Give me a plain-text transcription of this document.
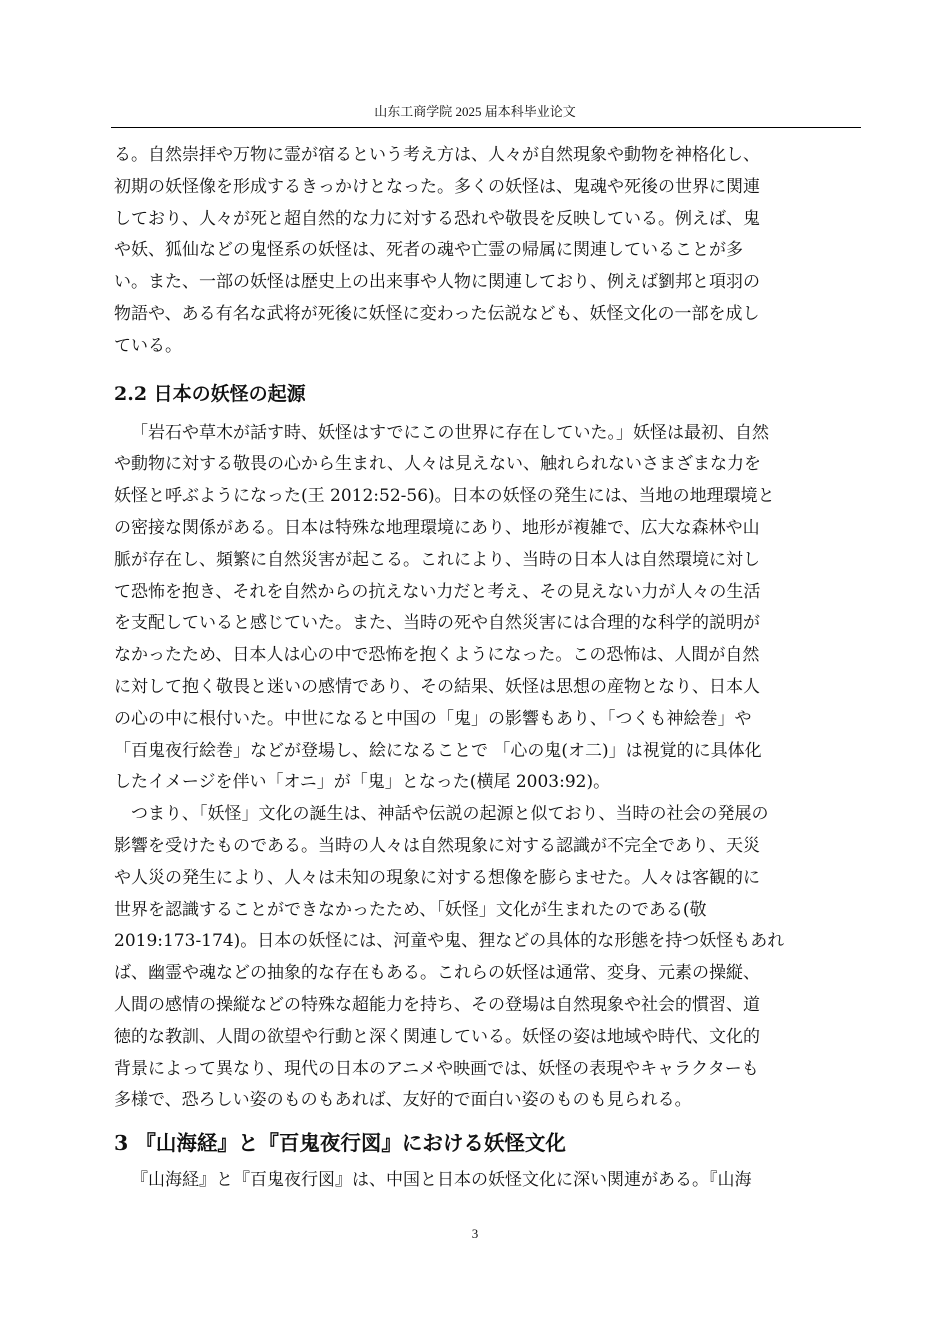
山东工商学院 2025 届本科毕业论文
る。自然崇拝や万物に霊が宿るという考え方は、人々が自然現象や動物を神格化し、
初期の妖怪像を形成するきっかけとなった。多くの妖怪は、鬼魂や死後の世界に関連
しており、人々が死と超自然的な力に対する恐れや敬畏を反映している。例えば、鬼
や妖、狐仙などの鬼怪系の妖怪は、死者の魂や亡霊の帰属に関連していることが多
い。また、一部の妖怪は歴史上の出来事や人物に関連しており、例えば劉邦と項羽の
物語や、ある有名な武将が死後に妖怪に変わった伝説なども、妖怪文化の一部を成し
ている。
2.2 日本の妖怪の起源
「岩石や草木が話す時、妖怪はすでにこの世界に存在していた。」妖怪は最初、自然
や動物に対する敬畏の心から生まれ、人々は見えない、触れられないさまざまな力を
妖怪と呼ぶようになった(王 2012:52-56)。日本の妖怪の発生には、当地の地理環境と
の密接な関係がある。日本は特殊な地理環境にあり、地形が複雑で、広大な森林や山
脈が存在し、頻繁に自然災害が起こる。これにより、当時の日本人は自然環境に対し
て恐怖を抱き、それを自然からの抗えない力だと考え、その見えない力が人々の生活
を支配していると感じていた。また、当時の死や自然災害には合理的な科学的説明が
なかったため、日本人は心の中で恐怖を抱くようになった。この恐怖は、人間が自然
に対して抱く敬畏と迷いの感情であり、その結果、妖怪は思想の産物となり、日本人
の心の中に根付いた。中世になると中国の「鬼」の影響もあり、「つくも神絵巻」や
「百鬼夜行絵巻」などが登場し、絵になることで 「心の鬼(オ二)」は視覚的に具体化
したイメージを伴い「オニ」が「鬼」となった(横尾 2003:92)。
つまり、「妖怪」文化の誕生は、神話や伝説の起源と似ており、当時の社会の発展の
影響を受けたものである。当時の人々は自然現象に対する認識が不完全であり、天災
や人災の発生により、人々は未知の現象に対する想像を膨らませた。人々は客観的に
世界を認識することができなかったため、「妖怪」文化が生まれたのである(敬
2019:173-174)。日本の妖怪には、河童や鬼、狸などの具体的な形態を持つ妖怪もあれ
ば、幽霊や魂などの抽象的な存在もある。これらの妖怪は通常、変身、元素の操縦、
人間の感情の操縦などの特殊な超能力を持ち、その登場は自然現象や社会的慣習、道
徳的な教訓、人間の欲望や行動と深く関連している。妖怪の姿は地域や時代、文化的
背景によって異なり、現代の日本のアニメや映画では、妖怪の表現やキャラクターも
多様で、恐ろしい姿のものもあれば、友好的で面白い姿のものも見られる。
3 『山海経』と『百鬼夜行図』における妖怪文化
『山海経』と『百鬼夜行図』は、中国と日本の妖怪文化に深い関連がある。『山海
3
